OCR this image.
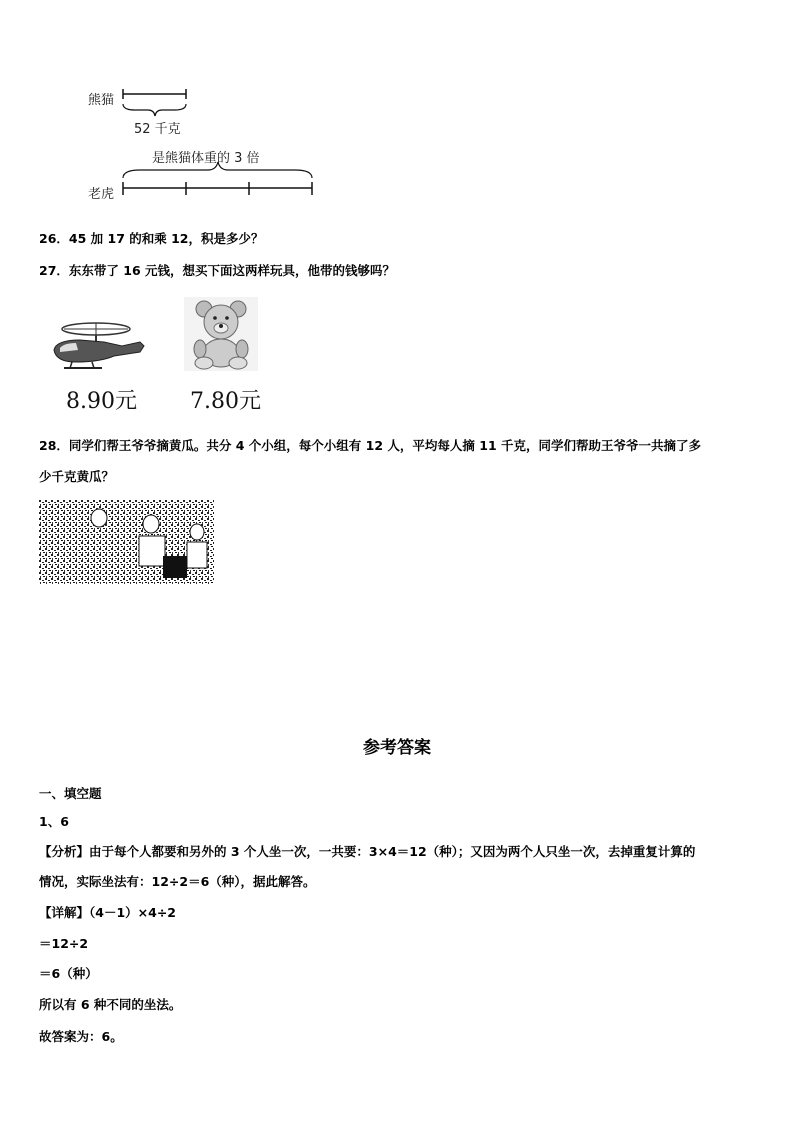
熊猫
52 千克
是熊猫体重的 3 倍
老虎
26．45 加 17 的和乘 12，积是多少？
27．东东带了 16 元钱，想买下面这两样玩具，他带的钱够吗？
8.90元 7.80元
28．同学们帮王爷爷摘黄瓜。共分 4 个小组，每个小组有 12 人，平均每人摘 11 千克，同学们帮助王爷爷一共摘了多
少千克黄瓜？
参考答案
一、填空题
1、6
【分析】由于每个人都要和另外的 3 个人坐一次，一共要：3×4＝12（种）；又因为两个人只坐一次，去掉重复计算的
情况，实际坐法有：12÷2＝6（种），据此解答。
【详解】（4－1）×4÷2
＝12÷2
＝6（种）
所以有 6 种不同的坐法。
故答案为：6。
